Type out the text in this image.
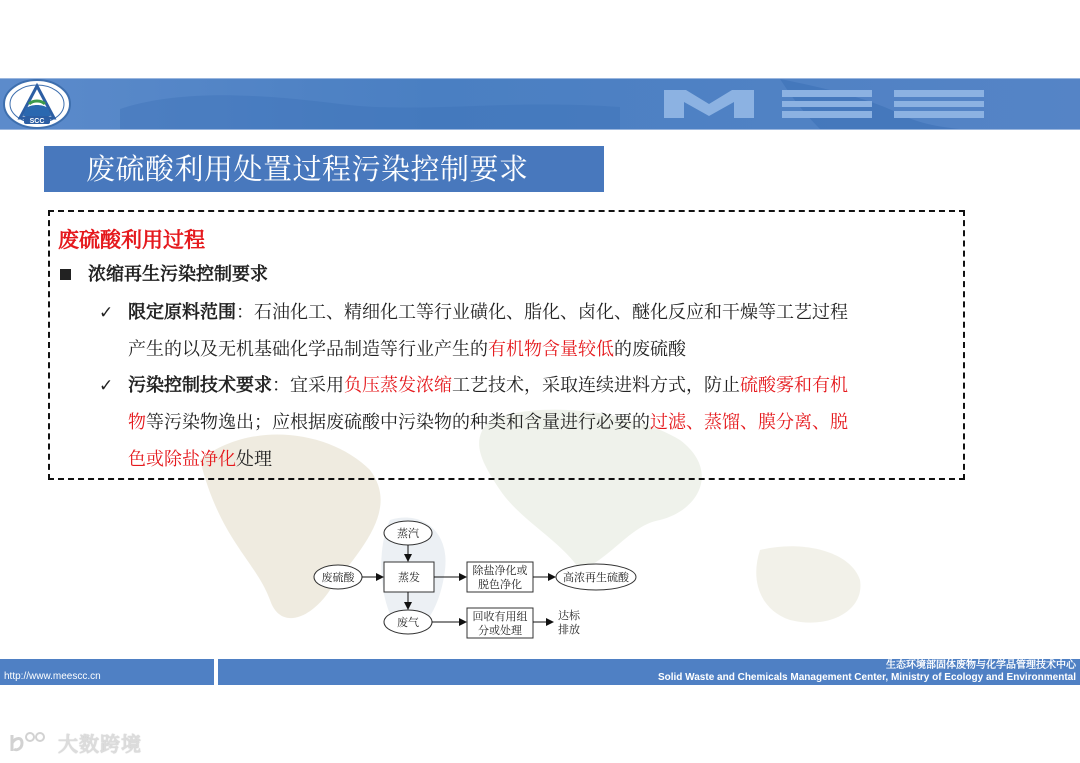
SCC
废硫酸利用处置过程污染控制要求
废硫酸利用过程
浓缩再生污染控制要求
✓ 限定原料范围：石油化工、精细化工等行业磺化、脂化、卤化、醚化反应和干燥等工艺过程
产生的以及无机基础化学品制造等行业产生的有机物含量较低的废硫酸
✓ 污染控制技术要求：宜采用负压蒸发浓缩工艺技术，采取连续进料方式，防止硫酸雾和有机
物等污染物逸出；应根据废硫酸中污染物的种类和含量进行必要的过滤、蒸馏、膜分离、脱
色或除盐净化处理
蒸汽
废硫酸	蒸发
除盐净化或
脱色净化
高浓再生硫酸
废气	回收有用组
分或处理
达标
排放
http://www.meescc.cn
生态环境部固体废物与化学品管理技术中心
Solid Waste and Chemicals Management Center, Ministry of Ecology and Environmental
大数跨境
